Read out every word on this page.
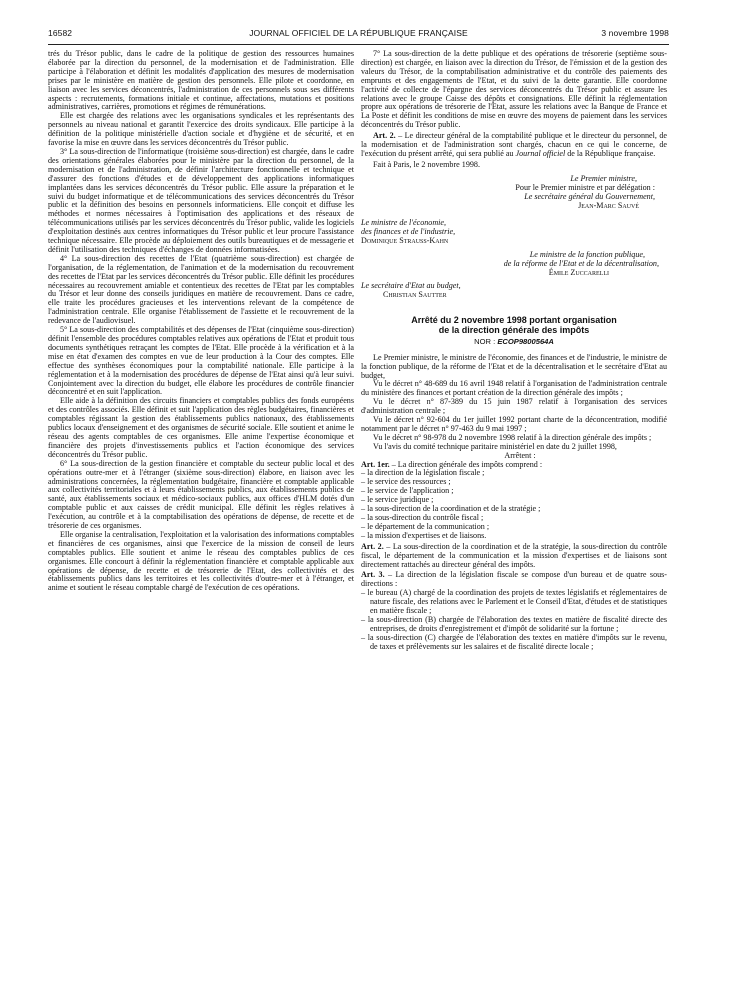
16582	JOURNAL OFFICIEL DE LA RÉPUBLIQUE FRANÇAISE	3 novembre 1998

trés du Trésor public, dans le cadre de la politique de gestion des ressources humaines élaborée par la direction du personnel, de la modernisation et de l'administration. Elle participe à l'élaboration et définit les modalités d'application des mesures de modernisation prises par le ministère en matière de gestion des personnels. Elle pilote et coordonne, en liaison avec les services déconcentrés, l'administration de ces personnels sous ses différents aspects : recrutements, formations initiale et continue, affectations, mutations et positions administratives, carrières, promotions et régimes de rémunérations.

Elle est chargée des relations avec les organisations syndicales et les représentants des personnels au niveau national et garantit l'exercice des droits syndicaux. Elle participe à la définition de la politique ministérielle d'action sociale et d'hygiène et de sécurité, et en favorise la mise en œuvre dans les services déconcentrés du Trésor public.

3° La sous-direction de l'informatique (troisième sous-direction) est chargée, dans le cadre des orientations générales élaborées pour le ministère par la direction du personnel, de la modernisation et de l'administration, de définir l'architecture fonctionnelle et technique et d'assurer des fonctions d'études et de développement des applications informatiques implantées dans les services déconcentrés du Trésor public. Elle assure la préparation et le suivi du budget informatique et de télécommunications des services déconcentrés du Trésor public et la définition des besoins en personnels informaticiens. Elle conçoit et diffuse les méthodes et normes nécessaires à l'optimisation des applications et des réseaux de télécommunications utilisés par les services déconcentrés du Trésor public, valide les logiciels d'exploitation destinés aux centres informatiques du Trésor public et leur procure l'assistance technique nécessaire. Elle procède au déploiement des outils bureautiques et de messagerie et définit l'utilisation des techniques d'échanges de données informatisées.

4° La sous-direction des recettes de l'Etat (quatrième sous-direction) est chargée de l'organisation, de la réglementation, de l'animation et de la modernisation du recouvrement des recettes de l'Etat par les services déconcentrés du Trésor public. Elle définit les procédures nécessaires au recouvrement amiable et contentieux des recettes de l'Etat par les comptables du Trésor et leur donne des conseils juridiques en matière de recouvrement. Dans ce cadre, elle traite les procédures gracieuses et les interventions relevant de la compétence de l'administration centrale. Elle organise l'établissement de l'assiette et le recouvrement de la redevance de l'audiovisuel.

5° La sous-direction des comptabilités et des dépenses de l'Etat (cinquième sous-direction) définit l'ensemble des procédures comptables relatives aux opérations de l'Etat et produit tous documents synthétiques retraçant les comptes de l'Etat. Elle procède à la vérification et à la mise en état d'examen des comptes en vue de leur production à la Cour des comptes. Elle effectue des synthèses économiques pour la comptabilité nationale. Elle participe à la réglementation et à la modernisation des procédures de dépense de l'Etat ainsi qu'à leur suivi. Conjointement avec la direction du budget, elle élabore les procédures de contrôle financier déconcentré et en suit l'application.

Elle aide à la définition des circuits financiers et comptables publics des fonds européens et des contrôles associés. Elle définit et suit l'application des règles budgétaires, financières et comptables régissant la gestion des établissements publics nationaux, des établissements publics locaux d'enseignement et des organismes de sécurité sociale. Elle soutient et anime le réseau des agents comptables de ces organismes. Elle anime l'expertise économique et financière des projets d'investissements publics et l'action économique des services déconcentrés du Trésor public.

6° La sous-direction de la gestion financière et comptable du secteur public local et des opérations outre-mer et à l'étranger (sixième sous-direction) élabore, en liaison avec les administrations concernées, la réglementation budgétaire, financière et comptable applicable aux collectivités territoriales et à leurs établissements publics, aux établissements publics de santé, aux établissements sociaux et médico-sociaux publics, aux offices d'HLM dotés d'un comptable public et aux caisses de crédit municipal. Elle définit les règles relatives à l'exécution, au contrôle et à la comptabilisation des opérations de dépense, de recette et de trésorerie de ces organismes.

Elle organise la centralisation, l'exploitation et la valorisation des informations comptables et financières de ces organismes, ainsi que l'exercice de la mission de conseil de leurs comptables publics. Elle soutient et anime le réseau des comptables publics de ces organismes. Elle concourt à définir la réglementation financière et comptable applicable aux opérations de dépense, de recette et de trésorerie de l'Etat, des collectivités et des établissements publics dans les territoires et les collectivités d'outre-mer et à l'étranger, et anime et soutient le réseau comptable chargé de l'exécution de ces opérations.

7° La sous-direction de la dette publique et des opérations de trésorerie (septième sous-direction) est chargée, en liaison avec la direction du Trésor, de l'émission et de la gestion des valeurs du Trésor, de la comptabilisation administrative et du contrôle des paiements des emprunts et des engagements de l'Etat, et du suivi de la dette garantie. Elle coordonne l'activité de collecte de l'épargne des services déconcentrés du Trésor public et assure les relations avec le groupe Caisse des dépôts et consignations. Elle définit la réglementation propre aux opérations de trésorerie de l'Etat, assure les relations avec la Banque de France et La Poste et définit les conditions de mise en œuvre des moyens de paiement dans les services déconcentrés du Trésor public.

Art. 2. – Le directeur général de la comptabilité publique et le directeur du personnel, de la modernisation et de l'administration sont chargés, chacun en ce qui le concerne, de l'exécution du présent arrêté, qui sera publié au Journal officiel de la République française.

Fait à Paris, le 2 novembre 1998.

Le Premier ministre,
Pour le Premier ministre et par délégation :
Le secrétaire général du Gouvernement,
Jean-Marc Sauvé
Le ministre de l'économie,
des finances et de l'industrie,
Dominique Strauss-Kahn
Le ministre de la fonction publique,
de la réforme de l'Etat et de la décentralisation,
Émile Zuccarelli
Le secrétaire d'Etat au budget,
Christian Sautter
Arrêté du 2 novembre 1998 portant organisation
de la direction générale des impôts
NOR : ECOP9800564A

Le Premier ministre, le ministre de l'économie, des finances et de l'industrie, le ministre de la fonction publique, de la réforme de l'Etat et de la décentralisation et le secrétaire d'Etat au budget,

Vu le décret n° 48-689 du 16 avril 1948 relatif à l'organisation de l'administration centrale du ministère des finances et portant création de la direction générale des impôts ;

Vu le décret n° 87-389 du 15 juin 1987 relatif à l'organisation des services d'administration centrale ;

Vu le décret n° 92-604 du 1er juillet 1992 portant charte de la déconcentration, modifié notamment par le décret n° 97-463 du 9 mai 1997 ;

Vu le décret n° 98-978 du 2 novembre 1998 relatif à la direction générale des impôts ;

Vu l'avis du comité technique paritaire ministériel en date du 2 juillet 1998,

Arrêtent :

Art. 1er. – La direction générale des impôts comprend :

– la direction de la législation fiscale ;
– le service des ressources ;
– le service de l'application ;
– le service juridique ;
– la sous-direction de la coordination et de la stratégie ;
– la sous-direction du contrôle fiscal ;
– le département de la communication ;
– la mission d'expertises et de liaisons.

Art. 2. – La sous-direction de la coordination et de la stratégie, la sous-direction du contrôle fiscal, le département de la communication et la mission d'expertises et de liaisons sont directement rattachés au directeur général des impôts.

Art. 3. – La direction de la législation fiscale se compose d'un bureau et de quatre sous-directions :

– le bureau (A) chargé de la coordination des projets de textes législatifs et réglementaires de nature fiscale, des relations avec le Parlement et le Conseil d'Etat, d'études et de statistiques en matière fiscale ;
– la sous-direction (B) chargée de l'élaboration des textes en matière de fiscalité directe des entreprises, de droits d'enregistrement et d'impôt de solidarité sur la fortune ;
– la sous-direction (C) chargée de l'élaboration des textes en matière d'impôts sur le revenu, de taxes et prélèvements sur les salaires et de fiscalité directe locale ;
